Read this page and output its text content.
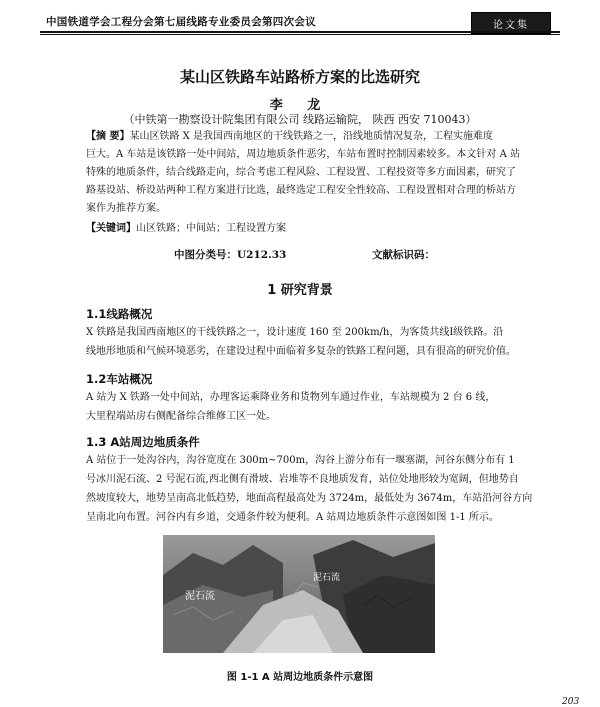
中国铁道学会工程分会第七届线路专业委员会第四次会议	论文集
某山区铁路车站路桥方案的比选研究
李 龙
（中铁第一勘察设计院集团有限公司 线路运输院， 陕西 西安 710043）
【摘 要】某山区铁路 X 是我国西南地区的干线铁路之一，沿线地质情况复杂，工程实施难度
巨大。A 车站是该铁路一处中间站，周边地质条件恶劣，车站布置时控制因素较多。本文针对 A 站
特殊的地质条件，结合线路走向，综合考虑工程风险、工程设置、工程投资等多方面因素，研究了
路基设站、桥设站两种工程方案进行比选，最终选定工程安全性较高、工程设置相对合理的桥站方
案作为推荐方案。
【关键词】山区铁路；中间站；工程设置方案
中图分类号：U212.33	文献标识码：
1 研究背景
1.1线路概况
X 铁路是我国西南地区的干线铁路之一，设计速度 160 至 200km/h，为客货共线Ⅰ级铁路。沿
线地形地质和气候环境恶劣，在建设过程中面临着多复杂的铁路工程问题，具有很高的研究价值。
1.2车站概况
A 站为 X 铁路一处中间站，办理客运乘降业务和货物列车通过作业，车站规模为 2 台 6 线，
大里程端站房右侧配备综合维修工区一处。
1.3 A站周边地质条件
A 站位于一处沟谷内，沟谷宽度在 300m~700m，沟谷上游分布有一堰塞湖，河谷东侧分布有 1
号冰川泥石流、2 号泥石流,西北侧有滑坡、岩堆等不良地质发育，站位处地形较为宽阔，但地势自
然坡度较大，地势呈南高北低趋势，地面高程最高处为 3724m，最低处为 3674m，车站沿河谷方向
呈南北向布置。河谷内有乡道，交通条件较为便利。A 站周边地质条件示意图如图 1-1 所示。
泥石流
泥石流
图 1-1 A 站周边地质条件示意图
203
